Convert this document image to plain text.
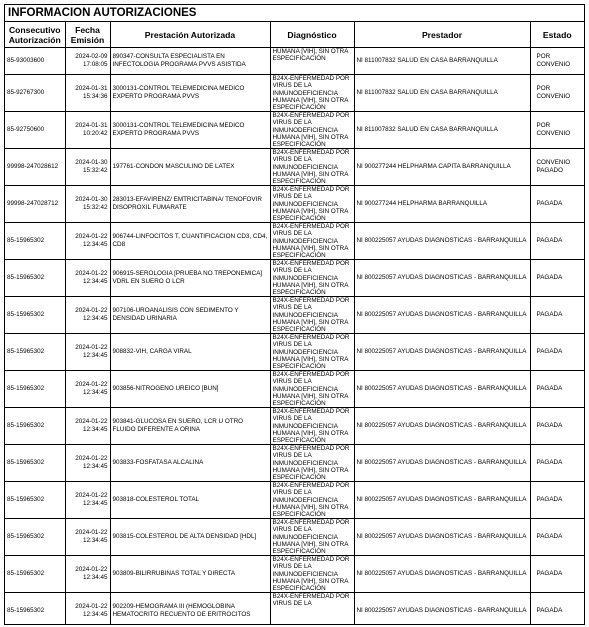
INFORMACION AUTORIZACIONES
Consecutivo Autorización	Fecha Emisión	Prestación Autorizada	Diagnóstico	Prestador	Estado
85-93003600	2024-02-09 17:08:05	890347-CONSULTA ESPECIALISTA EN INFECTOLOGIA PROGRAMA PVVS ASISTIDA	HUMANA [VIH], SIN OTRA ESPECIFICACIÓN	NI 811007832 SALUD EN CASA BARRANQUILLA	POR CONVENIO
85-92767300	2024-01-31 15:34:36	3000131-CONTROL TELEMEDICINA MEDICO EXPERTO PROGRAMA PVVS	B24X-ENFERMEDAD POR VIRUS DE LA INMUNODEFICIENCIA HUMANA [VIH], SIN OTRA ESPECIFICACIÓN	NI 811007832 SALUD EN CASA BARRANQUILLA	POR CONVENIO
85-92750600	2024-01-31 10:20:42	3000131-CONTROL TELEMEDICINA MEDICO EXPERTO PROGRAMA PVVS	B24X-ENFERMEDAD POR VIRUS DE LA INMUNODEFICIENCIA HUMANA [VIH], SIN OTRA ESPECIFICACIÓN	NI 811007832 SALUD EN CASA BARRANQUILLA	POR CONVENIO
99998-247028612	2024-01-30 15:32:42	197761-CONDON MASCULINO DE LATEX	B24X-ENFERMEDAD POR VIRUS DE LA INMUNODEFICIENCIA HUMANA [VIH], SIN OTRA ESPECIFICACIÓN	NI 900277244 HELPHARMA CAPITA BARRANQUILLA	CONVENIO PAGADO
99998-247028712	2024-01-30 15:32:42	283013-EFAVIRENZ/ EMTRICITABINA/ TENOFOVIR DISOPROXIL FUMARATE	B24X-ENFERMEDAD POR VIRUS DE LA INMUNODEFICIENCIA HUMANA [VIH], SIN OTRA ESPECIFICACIÓN	NI 900277244 HELPHARMA BARRANQUILLA	PAGADA
85-15965302	2024-01-22 12:34:45	906744-LINFOCITOS T, CUANTIFICACION CD3, CD4, CD8	B24X-ENFERMEDAD POR VIRUS DE LA INMUNODEFICIENCIA HUMANA [VIH], SIN OTRA ESPECIFICACIÓN	NI 800225057 AYUDAS DIAGNOSTICAS - BARRANQUILLA	PAGADA
85-15965302	2024-01-22 12:34:45	906915-SEROLOGIA [PRUEBA NO TREPONEMICA] VDRL EN SUERO O LCR	B24X-ENFERMEDAD POR VIRUS DE LA INMUNODEFICIENCIA HUMANA [VIH], SIN OTRA ESPECIFICACIÓN	NI 800225057 AYUDAS DIAGNOSTICAS - BARRANQUILLA	PAGADA
85-15965302	2024-01-22 12:34:45	907106-UROANALISIS CON SEDIMENTO Y DENSIDAD URINARIA	B24X-ENFERMEDAD POR VIRUS DE LA INMUNODEFICIENCIA HUMANA [VIH], SIN OTRA ESPECIFICACIÓN	NI 800225057 AYUDAS DIAGNOSTICAS - BARRANQUILLA	PAGADA
85-15965302	2024-01-22 12:34:45	908832-VIH, CARGA VIRAL	B24X-ENFERMEDAD POR VIRUS DE LA INMUNODEFICIENCIA HUMANA [VIH], SIN OTRA ESPECIFICACIÓN	NI 800225057 AYUDAS DIAGNOSTICAS - BARRANQUILLA	PAGADA
85-15965302	2024-01-22 12:34:45	903856-NITROGENO UREICO [BUN]	B24X-ENFERMEDAD POR VIRUS DE LA INMUNODEFICIENCIA HUMANA [VIH], SIN OTRA ESPECIFICACIÓN	NI 800225057 AYUDAS DIAGNOSTICAS - BARRANQUILLA	PAGADA
85-15965302	2024-01-22 12:34:45	903841-GLUCOSA EN SUERO, LCR U OTRO FLUIDO DIFERENTE A ORINA	B24X-ENFERMEDAD POR VIRUS DE LA INMUNODEFICIENCIA HUMANA [VIH], SIN OTRA ESPECIFICACIÓN	NI 800225057 AYUDAS DIAGNOSTICAS - BARRANQUILLA	PAGADA
85-15965302	2024-01-22 12:34:45	903833-FOSFATASA ALCALINA	B24X-ENFERMEDAD POR VIRUS DE LA INMUNODEFICIENCIA HUMANA [VIH], SIN OTRA ESPECIFICACIÓN	NI 800225057 AYUDAS DIAGNOSTICAS - BARRANQUILLA	PAGADA
85-15965302	2024-01-22 12:34:45	903818-COLESTEROL TOTAL	B24X-ENFERMEDAD POR VIRUS DE LA INMUNODEFICIENCIA HUMANA [VIH], SIN OTRA ESPECIFICACIÓN	NI 800225057 AYUDAS DIAGNOSTICAS - BARRANQUILLA	PAGADA
85-15965302	2024-01-22 12:34:45	903815-COLESTEROL DE ALTA DENSIDAD [HDL]	B24X-ENFERMEDAD POR VIRUS DE LA INMUNODEFICIENCIA HUMANA [VIH], SIN OTRA ESPECIFICACIÓN	NI 800225057 AYUDAS DIAGNOSTICAS - BARRANQUILLA	PAGADA
85-15965302	2024-01-22 12:34:45	903809-BILIRRUBINAS TOTAL Y DIRECTA	B24X-ENFERMEDAD POR VIRUS DE LA INMUNODEFICIENCIA HUMANA [VIH], SIN OTRA ESPECIFICACIÓN	NI 800225057 AYUDAS DIAGNOSTICAS - BARRANQUILLA	PAGADA
85-15965302	2024-01-22 12:34:45	902209-HEMOGRAMA III (HEMOGLOBINA HEMATOCRITO RECUENTO DE ERITROCITOS	B24X-ENFERMEDAD POR VIRUS DE LA	NI 800225057 AYUDAS DIAGNOSTICAS - BARRANQUILLA	PAGADA
